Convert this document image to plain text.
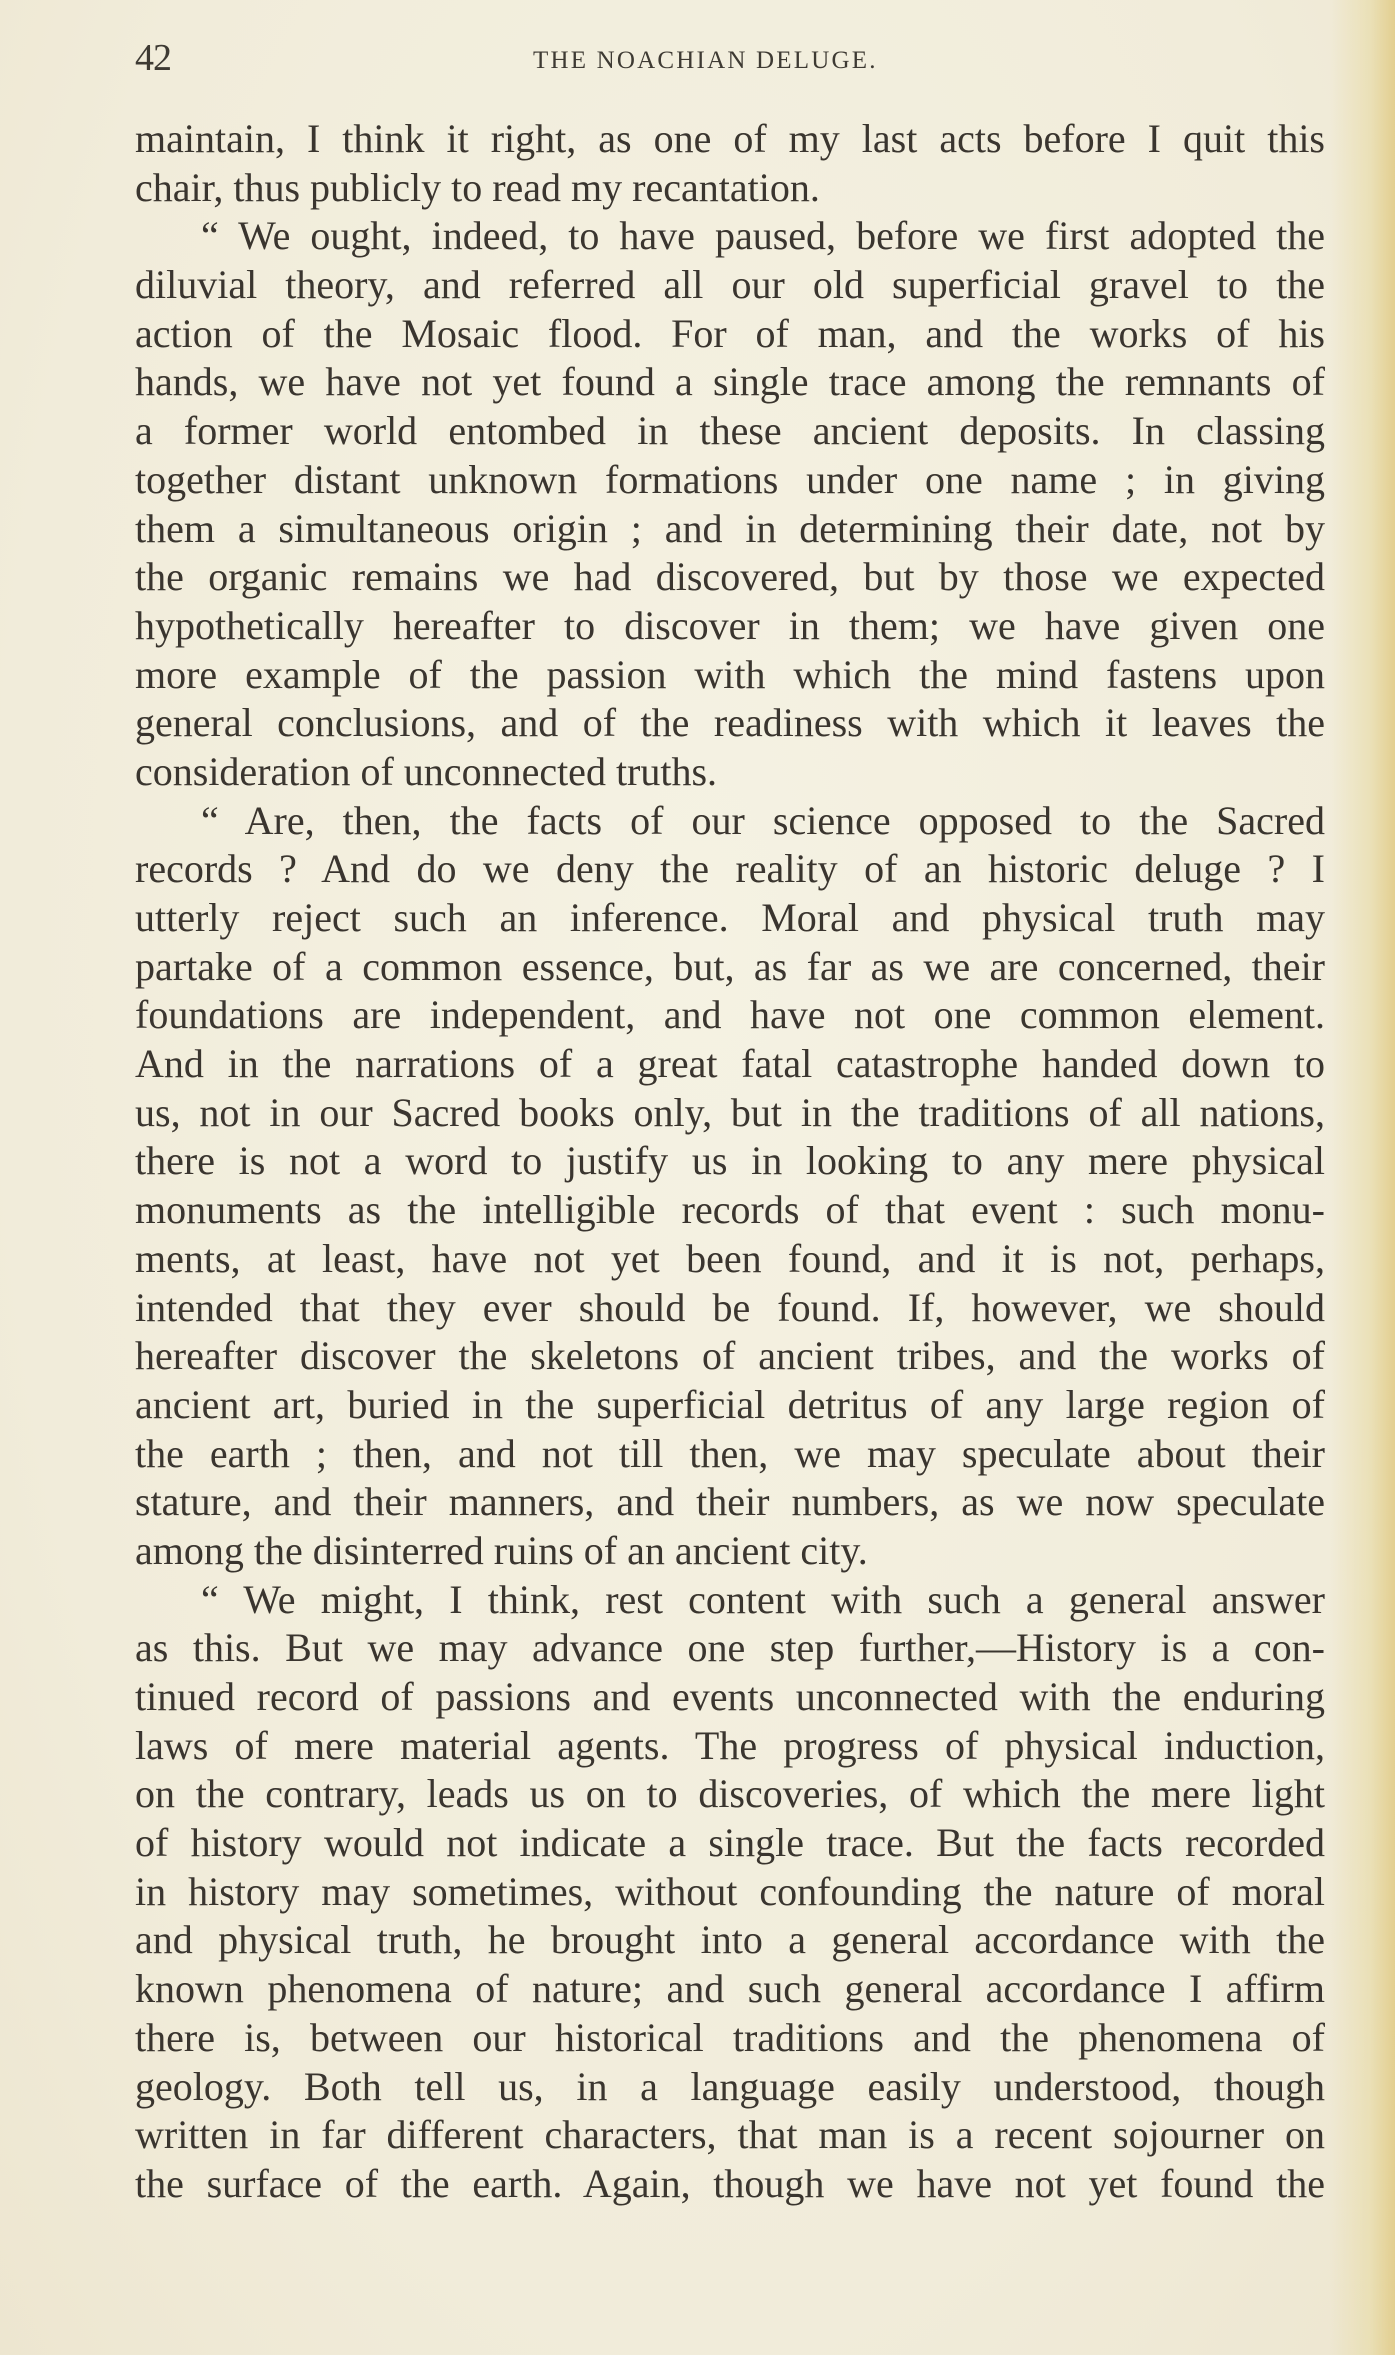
42	THE NOACHIAN DELUGE.
maintain, I think it right, as one of my last acts before I quit this
chair, thus publicly to read my recantation.
“ We ought, indeed, to have paused, before we first adopted the
diluvial theory, and referred all our old superficial gravel to the
action of the Mosaic flood. For of man, and the works of his
hands, we have not yet found a single trace among the remnants of
a former world entombed in these ancient deposits. In classing
together distant unknown formations under one name ; in giving
them a simultaneous origin ; and in determining their date, not by
the organic remains we had discovered, but by those we expected
hypothetically hereafter to discover in them; we have given one
more example of the passion with which the mind fastens upon
general conclusions, and of the readiness with which it leaves the
consideration of unconnected truths.
“ Are, then, the facts of our science opposed to the Sacred
records ? And do we deny the reality of an historic deluge ? I
utterly reject such an inference. Moral and physical truth may
partake of a common essence, but, as far as we are concerned, their
foundations are independent, and have not one common element.
And in the narrations of a great fatal catastrophe handed down to
us, not in our Sacred books only, but in the traditions of all nations,
there is not a word to justify us in looking to any mere physical
monuments as the intelligible records of that event : such monu-
ments, at least, have not yet been found, and it is not, perhaps,
intended that they ever should be found. If, however, we should
hereafter discover the skeletons of ancient tribes, and the works of
ancient art, buried in the superficial detritus of any large region of
the earth ; then, and not till then, we may speculate about their
stature, and their manners, and their numbers, as we now speculate
among the disinterred ruins of an ancient city.
“ We might, I think, rest content with such a general answer
as this. But we may advance one step further,—History is a con-
tinued record of passions and events unconnected with the enduring
laws of mere material agents. The progress of physical induction,
on the contrary, leads us on to discoveries, of which the mere light
of history would not indicate a single trace. But the facts recorded
in history may sometimes, without confounding the nature of moral
and physical truth, he brought into a general accordance with the
known phenomena of nature; and such general accordance I affirm
there is, between our historical traditions and the phenomena of
geology. Both tell us, in a language easily understood, though
written in far different characters, that man is a recent sojourner on
the surface of the earth. Again, though we have not yet found the
